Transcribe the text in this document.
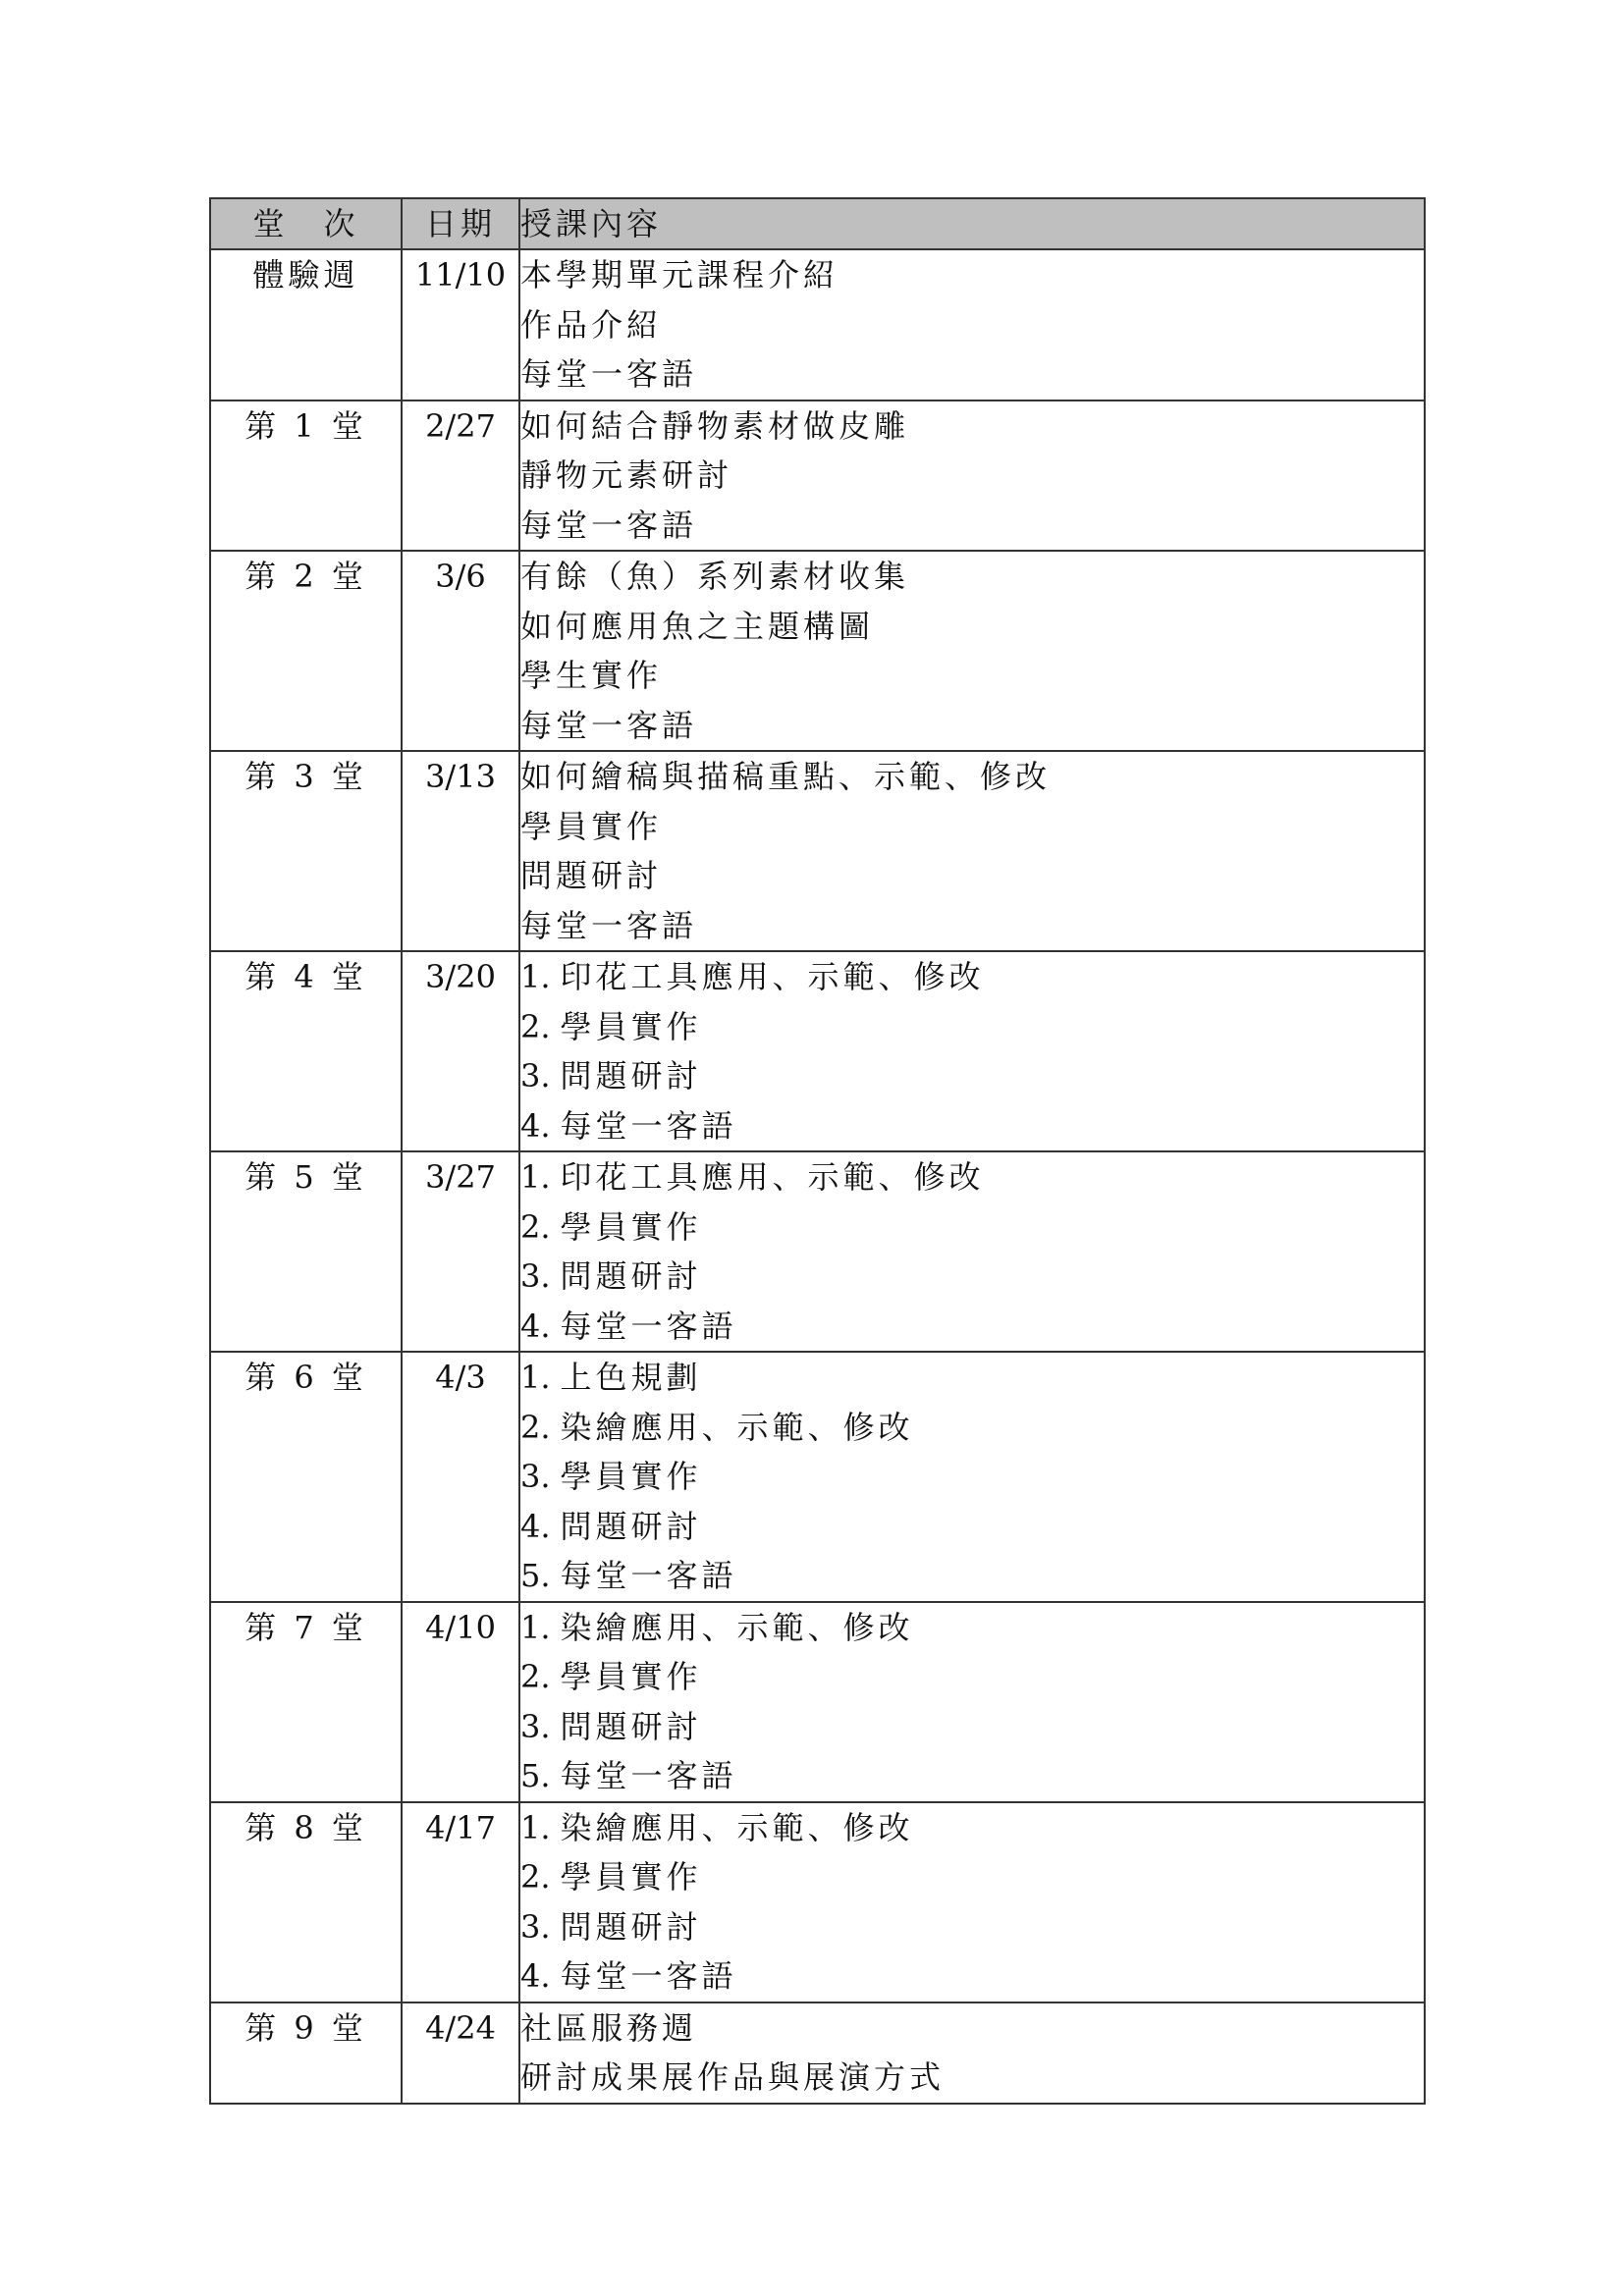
堂　次	日期	授課內容
體驗週	11/10	本學期單元課程介紹
作品介紹
每堂一客語

第 1 堂	2/27	如何結合靜物素材做皮雕
靜物元素研討
每堂一客語

第 2 堂	3/6	有餘（魚）系列素材收集
如何應用魚之主題構圖
學生實作
每堂一客語

第 3 堂	3/13	如何繪稿與描稿重點、示範、修改
學員實作
問題研討
每堂一客語

第 4 堂	3/20	1. 印花工具應用、示範、修改
2. 學員實作
3. 問題研討
4. 每堂一客語

第 5 堂	3/27	1. 印花工具應用、示範、修改
2. 學員實作
3. 問題研討
4. 每堂一客語

第 6 堂	4/3	1. 上色規劃
2. 染繪應用、示範、修改
3. 學員實作
4. 問題研討
5. 每堂一客語

第 7 堂	4/10	1. 染繪應用、示範、修改
2. 學員實作
3. 問題研討
5. 每堂一客語

第 8 堂	4/17	1. 染繪應用、示範、修改
2. 學員實作
3. 問題研討
4. 每堂一客語

第 9 堂	4/24	社區服務週
研討成果展作品與展演方式
